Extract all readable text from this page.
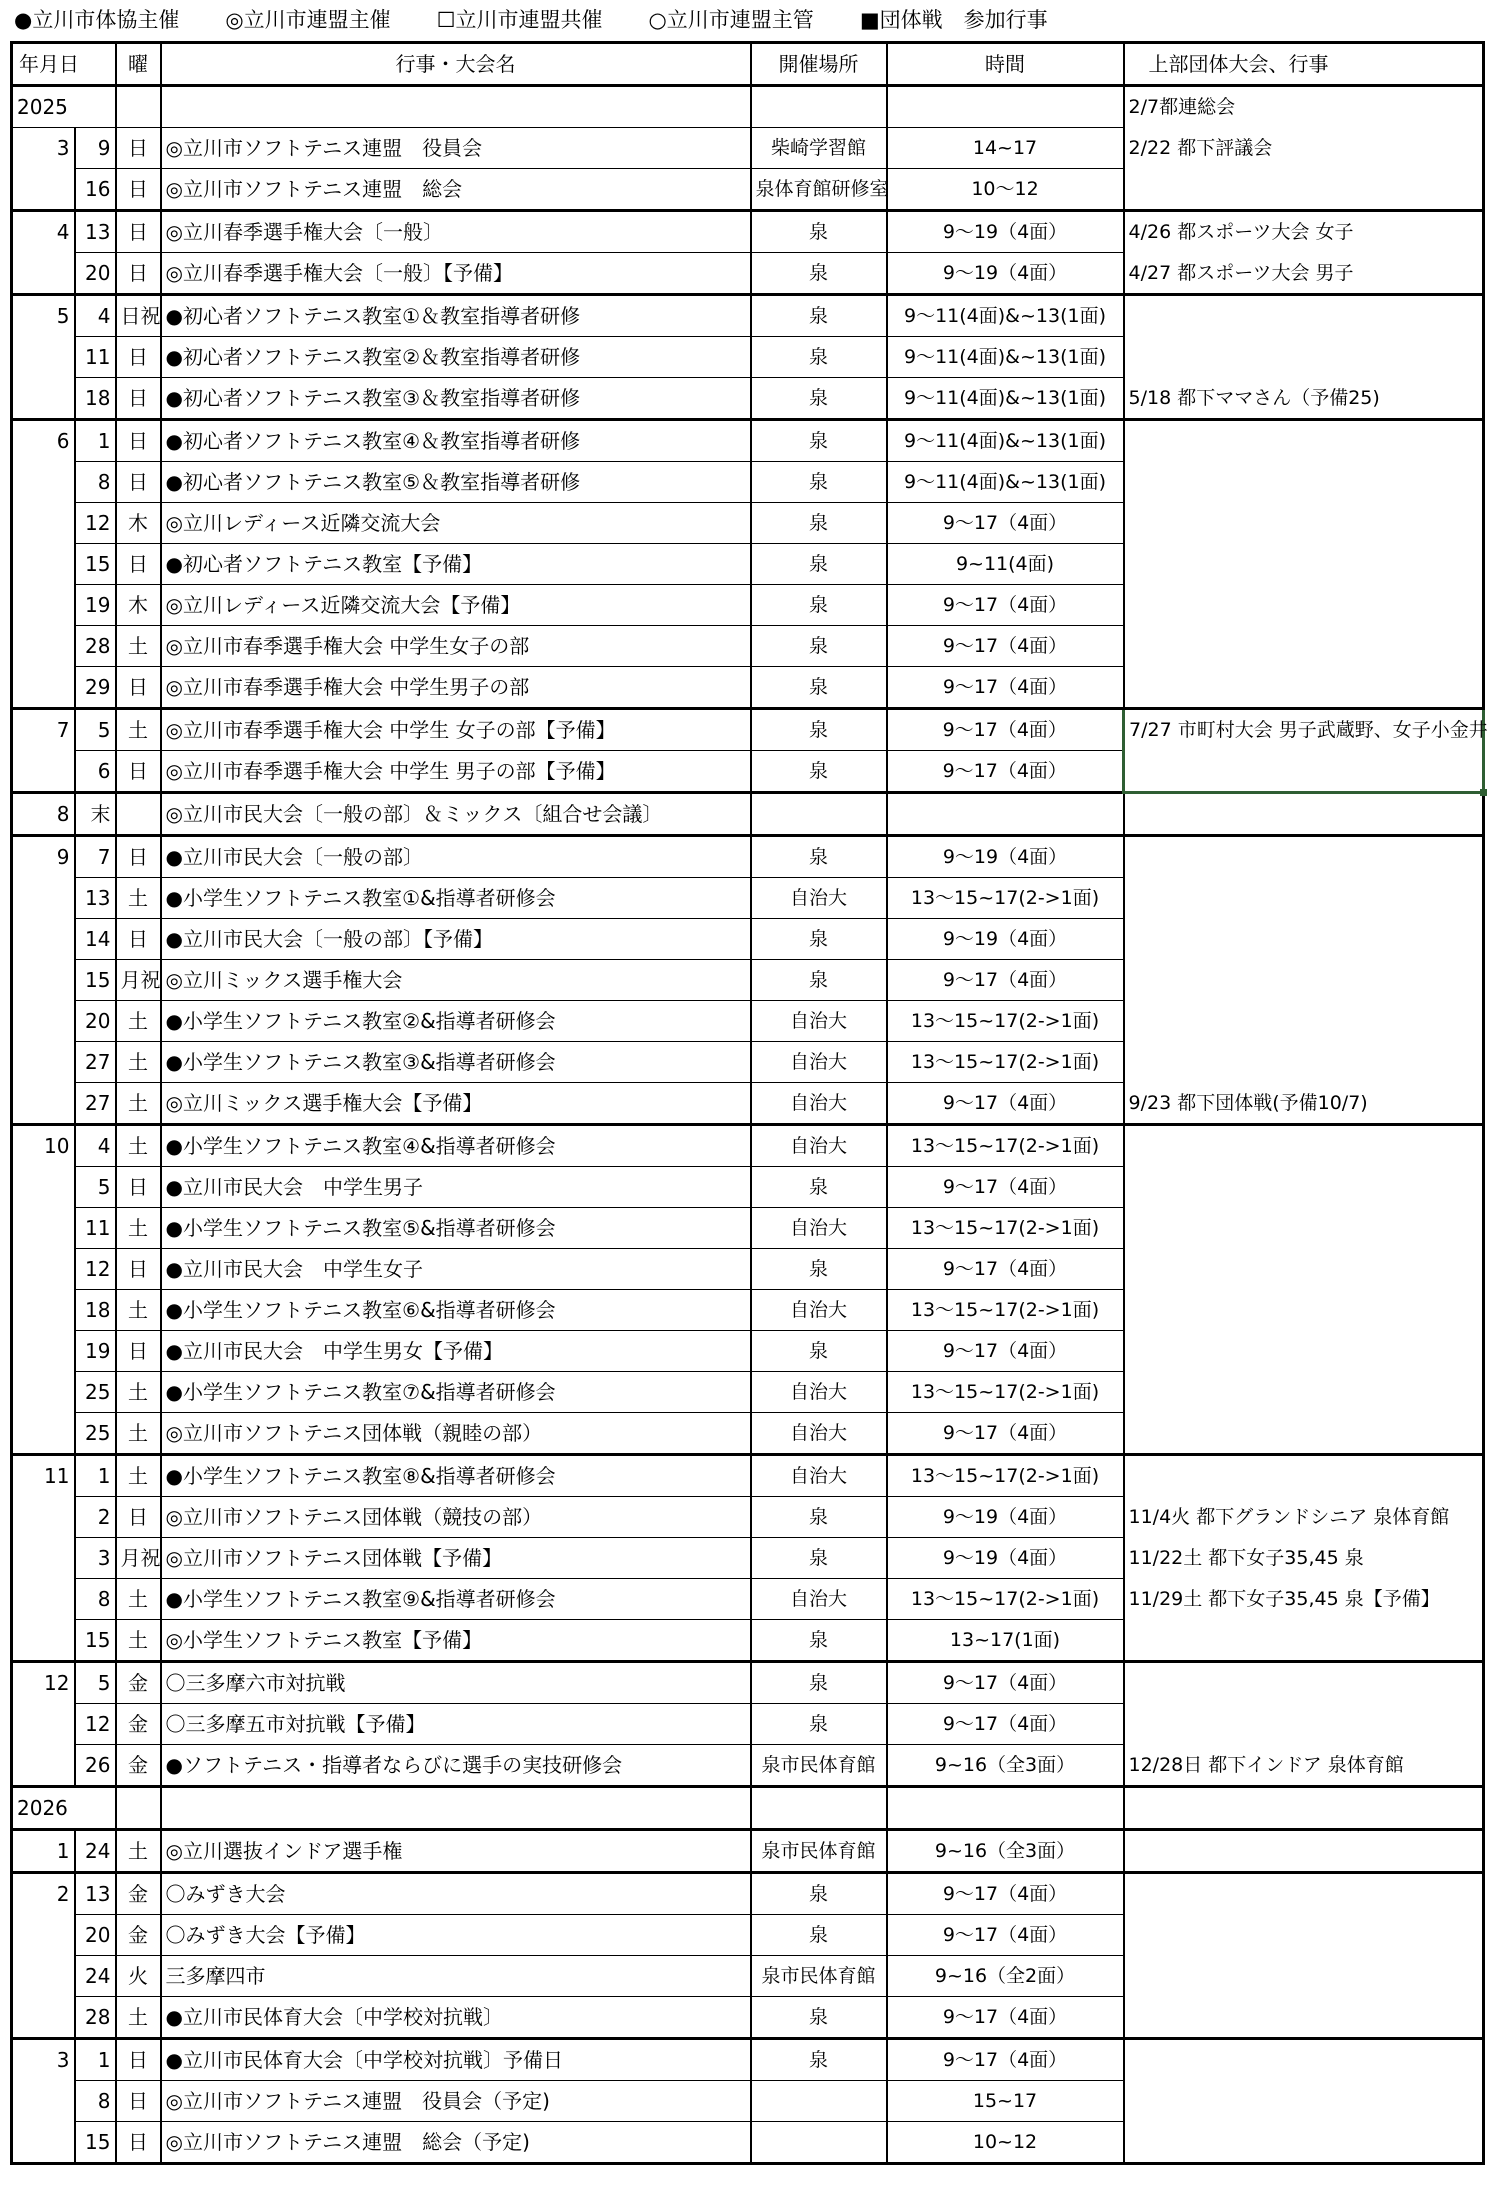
●立川市体協主催 ◎立川市連盟主催 ☐立川市連盟共催 ○立川市連盟主管 ■団体戦　参加行事
年月日		曜	行事・大会名	開催場所	時間	上部団体大会、行事
2025						2/7都連総会
3	9	日	◎立川市ソフトテニス連盟　役員会	柴崎学習館	14~17	2/22 都下評議会
	16	日	◎立川市ソフトテニス連盟　総会	泉体育館研修室	10～12	
4	13	日	◎立川春季選手権大会〔一般〕	泉	9～19（4面）	4/26 都スポーツ大会 女子
	20	日	◎立川春季選手権大会〔一般〕【予備】	泉	9～19（4面）	4/27 都スポーツ大会 男子
5	4	日祝	●初心者ソフトテニス教室①＆教室指導者研修	泉	9～11(4面)&~13(1面)	
	11	日	●初心者ソフトテニス教室②＆教室指導者研修	泉	9～11(4面)&~13(1面)	
	18	日	●初心者ソフトテニス教室③＆教室指導者研修	泉	9～11(4面)&~13(1面)	5/18 都下ママさん（予備25)
6	1	日	●初心者ソフトテニス教室④＆教室指導者研修	泉	9～11(4面)&~13(1面)	
	8	日	●初心者ソフトテニス教室⑤＆教室指導者研修	泉	9～11(4面)&~13(1面)	
	12	木	◎立川レディース近隣交流大会	泉	9～17（4面）	
	15	日	●初心者ソフトテニス教室【予備】	泉	9~11(4面)	
	19	木	◎立川レディース近隣交流大会【予備】	泉	9～17（4面）	
	28	土	◎立川市春季選手権大会 中学生女子の部	泉	9～17（4面）	
	29	日	◎立川市春季選手権大会 中学生男子の部	泉	9～17（4面）	
7	5	土	◎立川市春季選手権大会 中学生 女子の部【予備】	泉	9～17（4面）	7/27 市町村大会 男子武蔵野、女子小金井
	6	日	◎立川市春季選手権大会 中学生 男子の部【予備】	泉	9～17（4面）	
8	末		◎立川市民大会〔一般の部〕＆ミックス〔組合せ会議〕			
9	7	日	●立川市民大会〔一般の部〕	泉	9～19（4面）	
	13	土	●小学生ソフトテニス教室①&指導者研修会	自治大	13～15~17(2->1面)	
	14	日	●立川市民大会〔一般の部〕【予備】	泉	9～19（4面）	
	15	月祝	◎立川ミックス選手権大会	泉	9～17（4面）	
	20	土	●小学生ソフトテニス教室②&指導者研修会	自治大	13～15~17(2->1面)	
	27	土	●小学生ソフトテニス教室③&指導者研修会	自治大	13～15~17(2->1面)	
	27	土	◎立川ミックス選手権大会【予備】	自治大	9～17（4面）	9/23 都下団体戦(予備10/7)
10	4	土	●小学生ソフトテニス教室④&指導者研修会	自治大	13～15~17(2->1面)	
	5	日	●立川市民大会　中学生男子	泉	9～17（4面）	
	11	土	●小学生ソフトテニス教室⑤&指導者研修会	自治大	13～15~17(2->1面)	
	12	日	●立川市民大会　中学生女子	泉	9～17（4面）	
	18	土	●小学生ソフトテニス教室⑥&指導者研修会	自治大	13～15~17(2->1面)	
	19	日	●立川市民大会　中学生男女【予備】	泉	9～17（4面）	
	25	土	●小学生ソフトテニス教室⑦&指導者研修会	自治大	13～15~17(2->1面)	
	25	土	◎立川市ソフトテニス団体戦（親睦の部）	自治大	9～17（4面）	
11	1	土	●小学生ソフトテニス教室⑧&指導者研修会	自治大	13～15~17(2->1面)	
	2	日	◎立川市ソフトテニス団体戦（競技の部）	泉	9～19（4面）	11/4火 都下グランドシニア 泉体育館
	3	月祝	◎立川市ソフトテニス団体戦【予備】	泉	9～19（4面）	11/22土 都下女子35,45 泉
	8	土	●小学生ソフトテニス教室⑨&指導者研修会	自治大	13～15~17(2->1面)	11/29土 都下女子35,45 泉【予備】
	15	土	◎小学生ソフトテニス教室【予備】	泉	13~17(1面)	
12	5	金	〇三多摩六市対抗戦	泉	9～17（4面）	
	12	金	〇三多摩五市対抗戦【予備】	泉	9～17（4面）	
	26	金	●ソフトテニス・指導者ならびに選手の実技研修会	泉市民体育館	9~16（全3面）	12/28日 都下インドア 泉体育館
2026						
1	24	土	◎立川選抜インドア選手権	泉市民体育館	9~16（全3面）	
2	13	金	〇みずき大会	泉	9～17（4面）	
	20	金	〇みずき大会【予備】	泉	9～17（4面）	
	24	火	三多摩四市	泉市民体育館	9~16（全2面）	
	28	土	●立川市民体育大会〔中学校対抗戦〕	泉	9～17（4面）	
3	1	日	●立川市民体育大会〔中学校対抗戦〕予備日	泉	9～17（4面）	
	8	日	◎立川市ソフトテニス連盟　役員会（予定)		15~17	
	15	日	◎立川市ソフトテニス連盟　総会（予定)		10~12	
